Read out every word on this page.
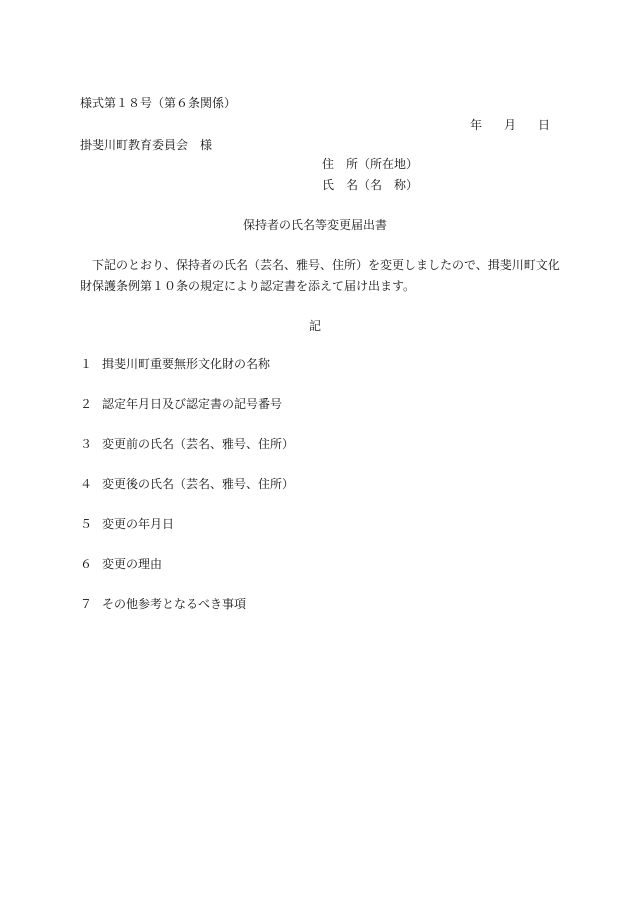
様式第１８号（第６条関係）
年 月 日
掛斐川町教育委員会　様
住　所（所在地）
氏　名（名　称）
保持者の氏名等変更届出書
　下記のとおり、保持者の氏名（芸名、雅号、住所）を変更しましたので、揖斐川町文化
財保護条例第１０条の規定により認定書を添えて届け出ます。
記
１ 揖斐川町重要無形文化財の名称
２ 認定年月日及び認定書の記号番号
３ 変更前の氏名（芸名、雅号、住所）
４ 変更後の氏名（芸名、雅号、住所）
５ 変更の年月日
６ 変更の理由
７ その他参考となるべき事項
